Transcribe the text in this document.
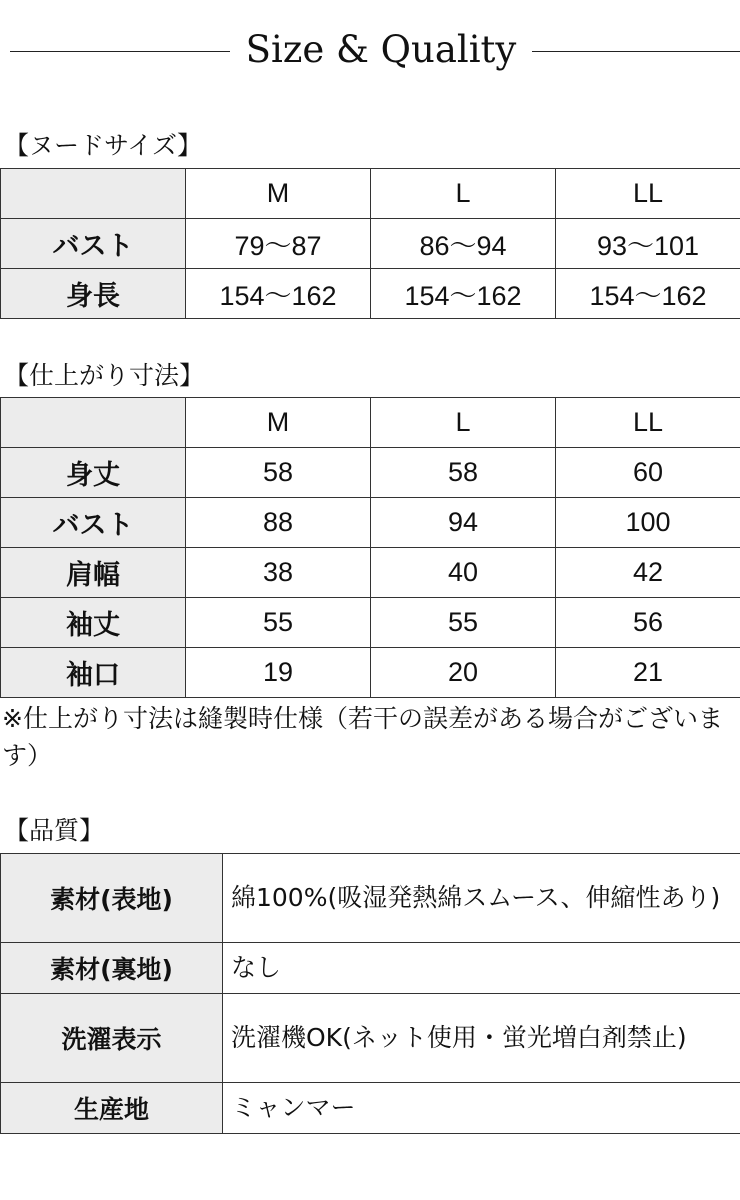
Size & Quality
【ヌードサイズ】
	M	L	LL
バスト	79〜87	86〜94	93〜101
身長	154〜162	154〜162	154〜162
【仕上がり寸法】
	M	L	LL
身丈	58	58	60
バスト	88	94	100
肩幅	38	40	42
袖丈	55	55	56
袖口	19	20	21
※仕上がり寸法は縫製時仕様（若干の誤差がある場合がございます）
【品質】
素材(表地)	綿100%(吸湿発熱綿スムース、伸縮性あり)
素材(裏地)	なし
洗濯表示	洗濯機OK(ネット使用・蛍光増白剤禁止)
生産地	ミャンマー
